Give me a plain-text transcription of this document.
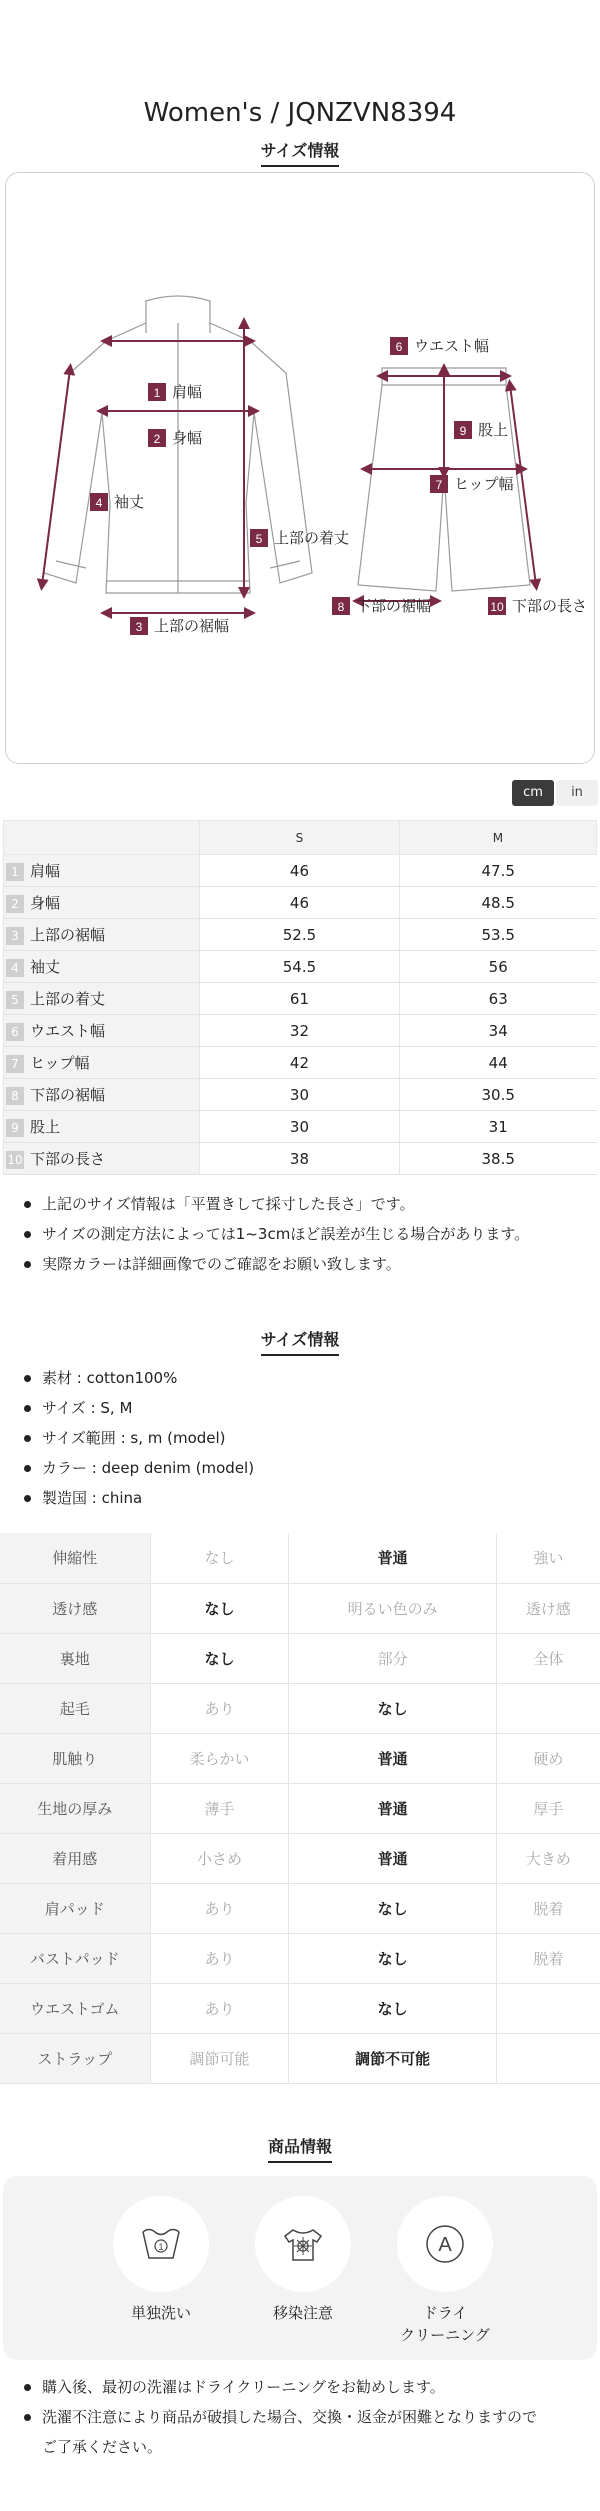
Women's / JQNZVN8394
サイズ情報
1 肩幅
2 身幅
3 上部の裾幅
4 袖丈
5 上部の着丈
6 ウエスト幅
7 ヒップ幅
8 下部の裾幅
9 股上
10 下部の長さ
cm	in
	S	M
1 肩幅	46	47.5
2 身幅	46	48.5
3 上部の裾幅	52.5	53.5
4 袖丈	54.5	56
5 上部の着丈	61	63
6 ウエスト幅	32	34
7 ヒップ幅	42	44
8 下部の裾幅	30	30.5
9 股上	30	31
10 下部の長さ	38	38.5
上記のサイズ情報は「平置きして採寸した長さ」です。
サイズの測定方法によっては1~3cmほど誤差が生じる場合があります。
実際カラーは詳細画像でのご確認をお願い致します。
サイズ情報
素材 : cotton100%
サイズ : S, M
サイズ範囲 : s, m (model)
カラー : deep denim (model)
製造国 : china
伸縮性	なし	普通	強い
透け感	なし	明るい色のみ	透け感
裏地	なし	部分	全体
起毛	あり	なし	
肌触り	柔らかい	普通	硬め
生地の厚み	薄手	普通	厚手
着用感	小さめ	普通	大きめ
肩パッド	あり	なし	脱着
バストパッド	あり	なし	脱着
ウエストゴム	あり	なし	
ストラップ	調節可能	調節不可能	
商品情報
1
単独洗い	移染注意
A
ドライ
クリーニング
購入後、最初の洗濯はドライクリーニングをお勧めします。
洗濯不注意により商品が破損した場合、交換・返金が困難となりますので
ご了承ください。
